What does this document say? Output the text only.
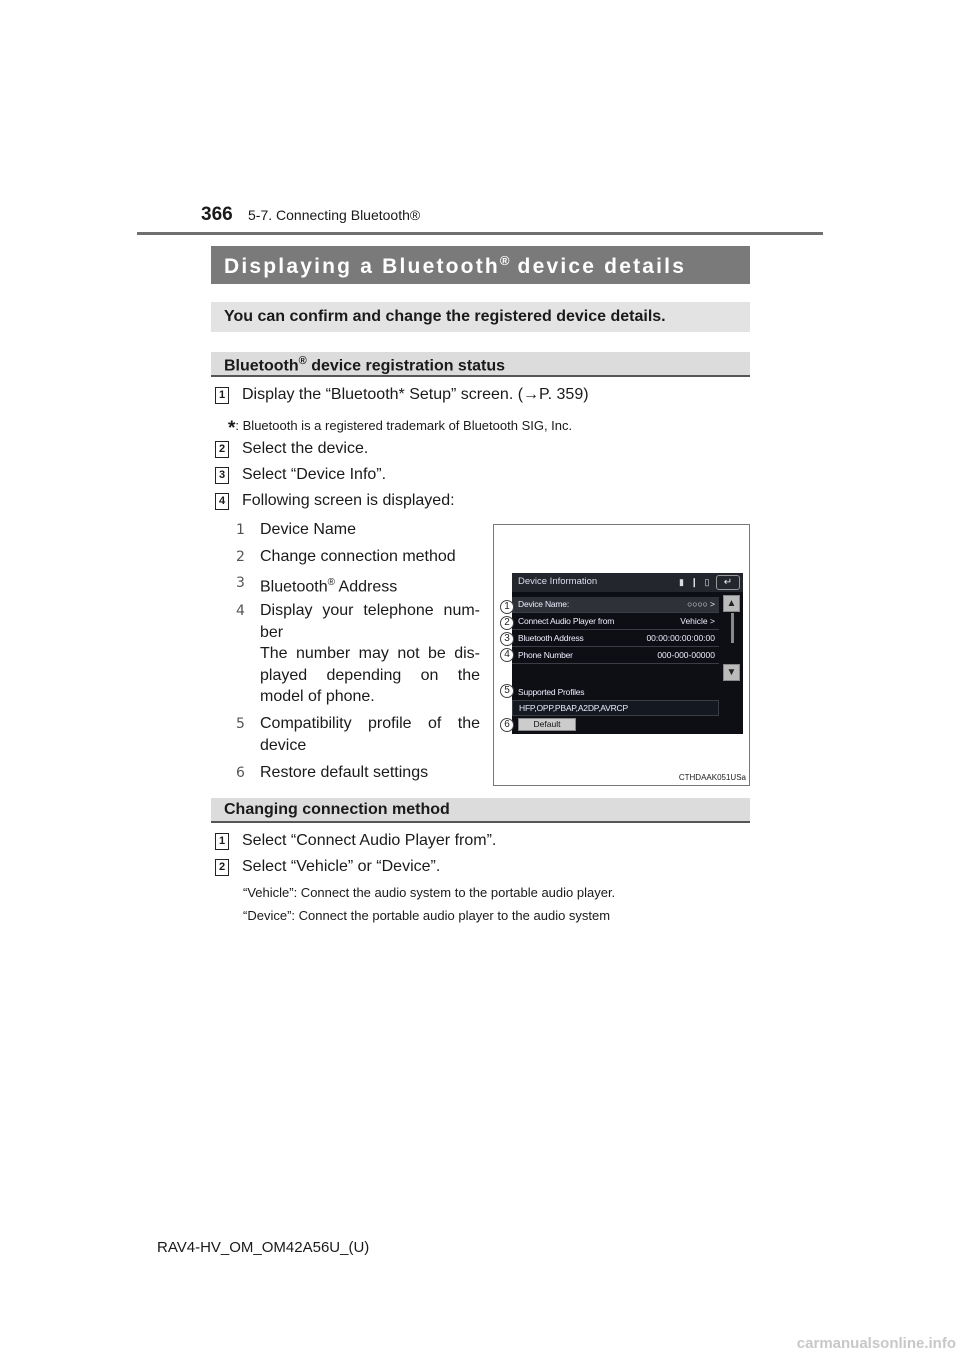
366 5-7. Connecting Bluetooth®
Displaying a Bluetooth® device details
You can confirm and change the registered device details.
Bluetooth® device registration status
1 Display the “Bluetooth* Setup” screen. (→P. 359)
*: Bluetooth is a registered trademark of Bluetooth SIG, Inc.
2 Select the device.
3 Select “Device Info”.
4 Following screen is displayed:
1 Device Name
2 Change connection method
3 Bluetooth® Address
4 Display your telephone num-ber
The number may not be dis-played depending on the model of phone.
5 Compatibility profile of the device
6 Restore default settings
Device Information	▮ ❙ ▯	↵
Device Name:	○○○○ >
Connect Audio Player from	Vehicle >
Bluetooth Address	00:00:00:00:00:00
Phone Number	000-000-00000
Supported Profiles
HFP,OPP,PBAP,A2DP,AVRCP
Default
▲
▼
1
2
3
4
5
6
CTHDAAK051USa
Changing connection method
1 Select “Connect Audio Player from”.
2 Select “Vehicle” or “Device”.
“Vehicle”: Connect the audio system to the portable audio player.
“Device”: Connect the portable audio player to the audio system
RAV4-HV_OM_OM42A56U_(U)
carmanualsonline.info
